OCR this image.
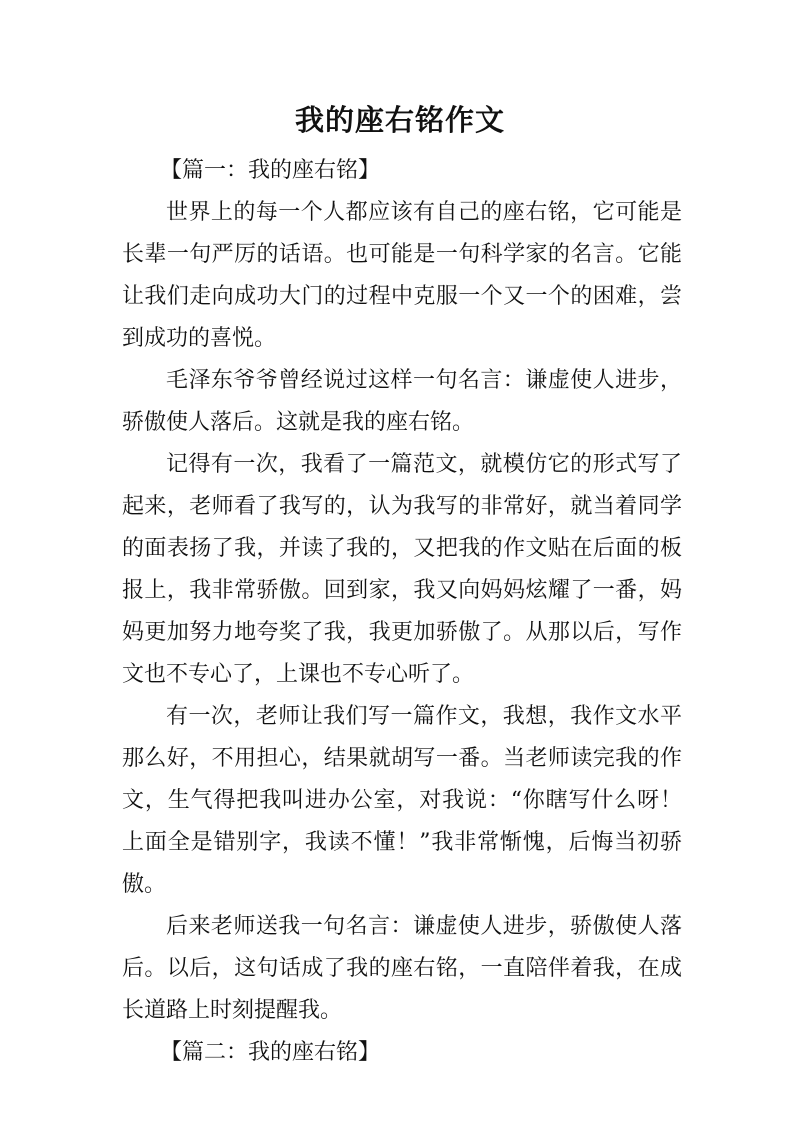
我的座右铭作文

【篇一：我的座右铭】

世界上的每一个人都应该有自己的座右铭，它可能是长辈一句严厉的话语。也可能是一句科学家的名言。它能让我们走向成功大门的过程中克服一个又一个的困难，尝到成功的喜悦。

毛泽东爷爷曾经说过这样一句名言：谦虚使人进步，骄傲使人落后。这就是我的座右铭。

记得有一次，我看了一篇范文，就模仿它的形式写了起来，老师看了我写的，认为我写的非常好，就当着同学的面表扬了我，并读了我的，又把我的作文贴在后面的板报上，我非常骄傲。回到家，我又向妈妈炫耀了一番，妈妈更加努力地夸奖了我，我更加骄傲了。从那以后，写作文也不专心了，上课也不专心听了。

有一次，老师让我们写一篇作文，我想，我作文水平那么好，不用担心，结果就胡写一番。当老师读完我的作文，生气得把我叫进办公室，对我说：“你瞎写什么呀！上面全是错别字，我读不懂！”我非常惭愧，后悔当初骄傲。

后来老师送我一句名言：谦虚使人进步，骄傲使人落后。以后，这句话成了我的座右铭，一直陪伴着我，在成长道路上时刻提醒我。

【篇二：我的座右铭】
